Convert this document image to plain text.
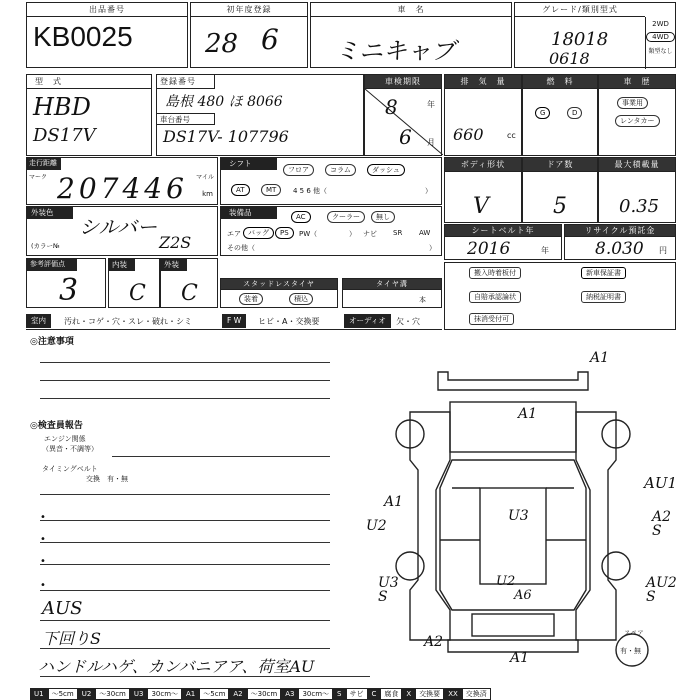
出品番号
KB0025
初年度登録
28 6
車　名
ミニキャブ
グレード/類別型式
18018
0618
2WD
4WD
類型なし
型　式
HBD
DS17V
登録番号
島根 480 ほ 8066
車台番号
DS17V- 107796
車検期限
8	年
6 月
排　気　量
660	cc
燃　料
G	D
車　歴
事業用
レンタカー
走行距離
マーク 207446 マイル
km
シフト
フロア	コラム	ダッシュ
AT	MT	4 5 6 他（	）
ボディ形状
V
ドア数
5
最大積載量
0.35
外装色
シルバー
(カラー№	Z2S
装備品	AC	クーラー	無し
エア	バッグ	PS	PW（	） ナビ SR AW
その他（	）
シートベルト年
2016	年
リサイクル預託金
8.030 円
参考評価点
3
内装
C
外装
C	スタッドレスタイヤ
装着	積込
タイヤ溝
本
搬入時着板付	新車保証書
自賠承認論状	納税証明書
抹消受付可
室内	汚れ・コゲ・穴・スレ・破れ・シミ	F W	ヒビ・A・交換要	オーディオ	欠・穴
◎注意事項
◎検査員報告
エンジン関係
（異音・不調等）
タイミングベルト
交換　有・無
•
•
•
•
AUS
下回りS
ハンドルハゲ、カンバニアア、荷室AU
A1
A1
AU1
A1
A2 S
U2
U3
U3 S
U2
A6
AU2 S
A2
A1
スペア
有・無
U1	〜5cm	U2	〜30cm	U3	30cm〜	A1	〜5cm	A2	〜30cm	A3	30cm〜	S	サビ	C	腐食	X	交換要	XX	交換済
